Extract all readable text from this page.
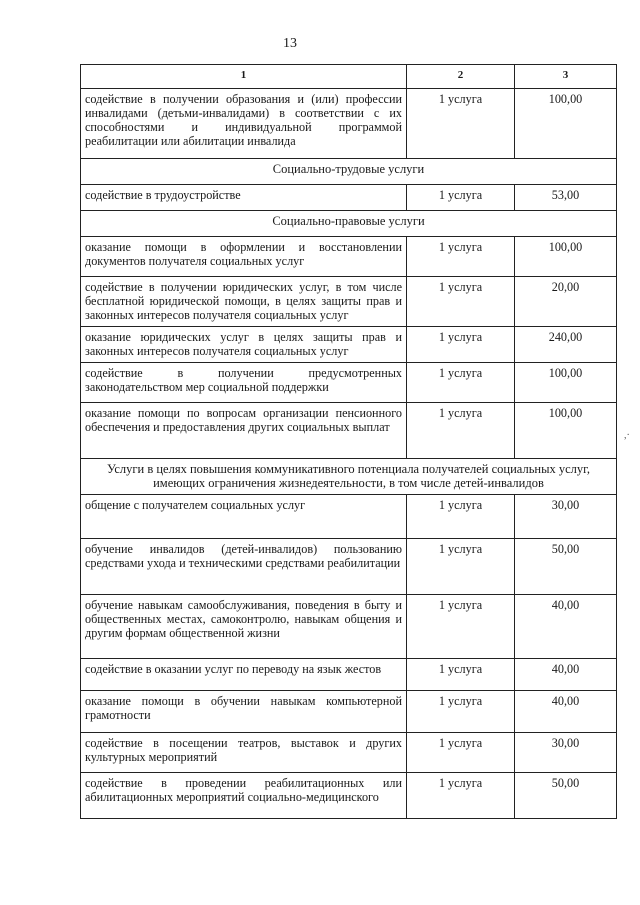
13
1	2	3
содействие в получении образования и (или) профессии инвалидами (детьми-инвалидами) в соответствии с их способностями и индивидуальной программой реабилитации или абилитации инвалида	1 услуга	100,00
Социально-трудовые услуги		
содействие в трудоустройстве	1 услуга	53,00
Социально-правовые услуги		
оказание помощи в оформлении и восстановлении документов получателя социальных услуг	1 услуга	100,00
содействие в получении юридических услуг, в том числе бесплатной юридической помощи, в целях защиты прав и законных интересов получателя социальных услуг	1 услуга	20,00
оказание юридических услуг в целях защиты прав и законных интересов получателя социальных услуг	1 услуга	240,00
содействие в получении предусмотренных законодательством мер социальной поддержки	1 услуга	100,00
оказание помощи по вопросам организации пенсионного обеспечения и предоставления других социальных выплат	1 услуга	100,00
Услуги в целях повышения коммуникативного потенциала получателей социальных услуг, имеющих ограничения жизнедеятельности, в том числе детей-инвалидов		
общение с получателем социальных услуг	1 услуга	30,00
обучение инвалидов (детей-инвалидов) пользованию средствами ухода и техническими средствами реабилитации	1 услуга	50,00
обучение навыкам самообслуживания, поведения в быту и общественных местах, самоконтролю, навыкам общения и другим формам общественной жизни	1 услуга	40,00
содействие в оказании услуг по переводу на язык жестов	1 услуга	40,00
оказание помощи в обучении навыкам компьютерной грамотности	1 услуга	40,00
содействие в посещении театров, выставок и других культурных мероприятий	1 услуга	30,00
содействие в проведении реабилитационных или абилитационных мероприятий социально-медицинского	1 услуга	50,00
,·
